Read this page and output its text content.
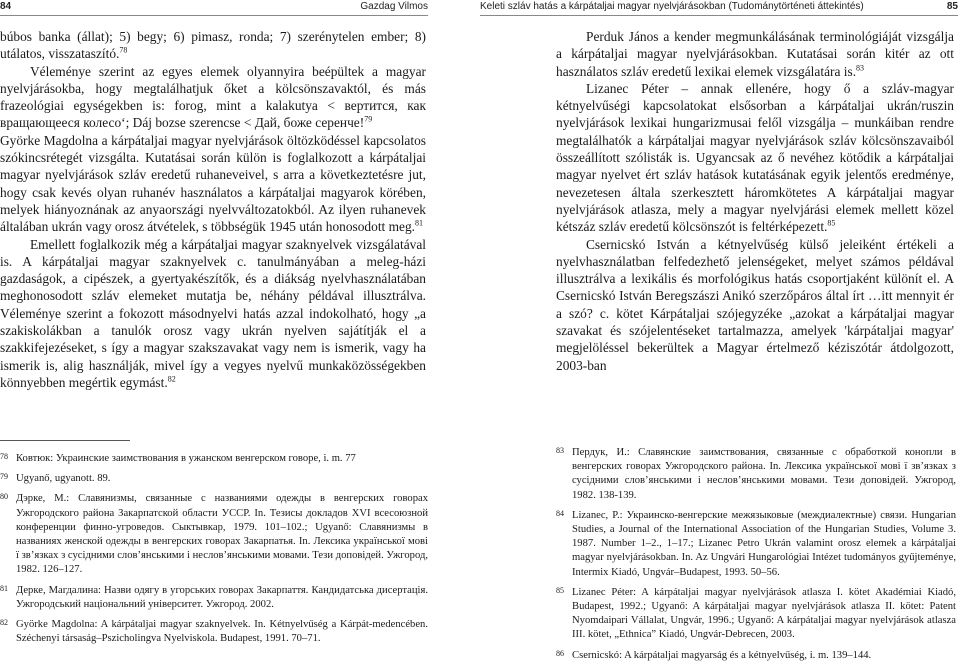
84	Gazdag Vilmos

búbos banka (állat); 5) begy; 6) pimasz, ronda; 7) szerénytelen ember; 8) utálatos, visszataszító.$^{78}$

Véleménye szerint az egyes elemek olyannyira beépültek a magyar nyelvjárásokba, hogy megtalálhatjuk őket a kölcsönszavaktól, és más frazeológiai egységekben is: forog, mint a kalakutya < вертится, как вращающееся колесо‘; Dáj bozse szerencse < Дай, боже серенче!$^{79}$

Györke Magdolna a kárpátaljai magyar nyelvjárások öltözködéssel kapcsolatos szókincsrétegét vizsgálta. Kutatásai során külön is foglalkozott a kárpátaljai magyar nyelvjárások szláv eredetű ruhaneveivel, s arra a következtetésre jut, hogy csak kevés olyan ruhanév használatos a kárpátaljai magyarok körében, melyek hiányoznának az anyaországi nyelvváltozatokból. Az ilyen ruhanevek általában ukrán vagy orosz átvételek, s többségük 1945 után honosodott meg.$^{81}$

Emellett foglalkozik még a kárpátaljai magyar szaknyelvek vizsgálatával is. A kárpátaljai magyar szaknyelvek c. tanulmányában a meleg-házi gazdaságok, a cipészek, a gyertyakészítők, és a diákság nyelvhasználatában meghonosodott szláv elemeket mutatja be, néhány példával illusztrálva. Véleménye szerint a fokozott másodnyelvi hatás azzal indokolható, hogy „a szakiskolákban a tanulók orosz vagy ukrán nyelven sajátítják el a szakkifejezéseket, s így a magyar szakszavakat vagy nem is ismerik, vagy ha ismerik is, alig használják, mivel így a vegyes nyelvű munkaközösségekben könnyebben megértik egymást.$^{82}$

78 Ковтюк: Украинские заимствования в ужанском венгерском говоре, i. m. 77

79 Ugyanő, ugyanott. 89.

80 Дэрке, М.: Славянизмы, связанные с названиями одежды в венгерских говорах Ужгородского района Закарпатской области УССР. In. Тезисы докладов XVI всесоюзной конференции финно-угроведов. Сыктывкар, 1979. 101–102.; Ugyanő: Славянизмы в названиях женской одежды в венгерских говорах Закарпатья. In. Лексика української мові ї зв’язках з сусідними слов’янськими і неслов’янськими мовами. Тези доповідей. Ужгород, 1982. 126–127.

81 Дерке, Магдалина: Назви одягу в угорських говорах Закарпаття. Кандидатська дисертація. Ужгородський національний університет. Ужгород. 2002.

82 Györke Magdolna: A kárpátaljai magyar szaknyelvek. In. Kétnyelvűség a Kárpát-medencében. Széchenyi társaság–Pszicholingva Nyelviskola. Budapest, 1991. 70–71.

Keleti szláv hatás a kárpátaljai magyar nyelvjárásokban (Tudománytörténeti áttekintés)	85

Perduk János a kender megmunkálásának terminológiáját vizsgálja a kárpátaljai magyar nyelvjárásokban. Kutatásai során kitér az ott használatos szláv eredetű lexikai elemek vizsgálatára is.$^{83}$

Lizanec Péter – annak ellenére, hogy ő a szláv-magyar kétnyelvűségi kapcsolatokat elsősorban a kárpátaljai ukrán/ruszin nyelvjárások lexikai hungarizmusai felől vizsgálja – munkáiban rendre megtalálhatók a kárpátaljai magyar nyelvjárások szláv kölcsönszavaiból összeállított szólisták is. Ugyancsak az ő nevéhez kötődik a kárpátaljai magyar nyelvet ért szláv hatások kutatásának egyik jelentős eredménye, nevezetesen általa szerkesztett háromkötetes A kárpátaljai magyar nyelvjárások atlasza, mely a magyar nyelvjárási elemek mellett közel kétszáz szláv eredetű kölcsönszót is feltérképezett.$^{85}$

Csernicskó István a kétnyelvűség külső jeleiként értékeli a nyelvhasználatban felfedezhető jelenségeket, melyet számos példával illusztrálva a lexikális és morfológikus hatás csoportjaként különít el. A Csernicskó István Beregszászi Anikó szerzőpáros által írt …itt mennyit ér a szó? c. kötet Kárpátaljai szójegyzéke „azokat a kárpátaljai magyar szavakat és szójelentéseket tartalmazza, amelyek 'kárpátaljai magyar' megjelöléssel bekerültek a Magyar értelmező kéziszótár átdolgozott, 2003-ban

83 Пердук, И.: Славянские заимствования, связанные с обработкой конопли в венгерских говорах Ужгородского района. In. Лексика української мові ї зв’язках з сусідними слов’янськими і неслов’янськими мовами. Тези доповідей. Ужгород, 1982. 138-139.

84 Lizanec, P.: Украинско-венгерские межязыковые (междиалектные) связи. Hungarian Studies, a Journal of the International Association of the Hungarian Studies, Volume 3. 1987. Number 1–2., 1–17.; Lizanec Petro Ukrán valamint orosz elemek a kárpátaljai magyar nyelvjárásokban. In. Az Ungvári Hungarológiai Intézet tudományos gyűjteménye, Intermix Kiadó, Ungvár–Budapest, 1993. 50–56.

85 Lizanec Péter: A kárpátaljai magyar nyelvjárások atlasza I. kötet Akadémiai Kiadó, Budapest, 1992.; Ugyanő: A kárpátaljai magyar nyelvjárások atlasza II. kötet: Patent Nyomdaipari Vállalat, Ungvár, 1996.; Ugyanő: A kárpátaljai magyar nyelvjárások atlasza III. kötet, „Ethnica” Kiadó, Ungvár-Debrecen, 2003.

86 Csernicskó: A kárpátaljai magyarság és a kétnyelvűség, i. m. 139–144.
